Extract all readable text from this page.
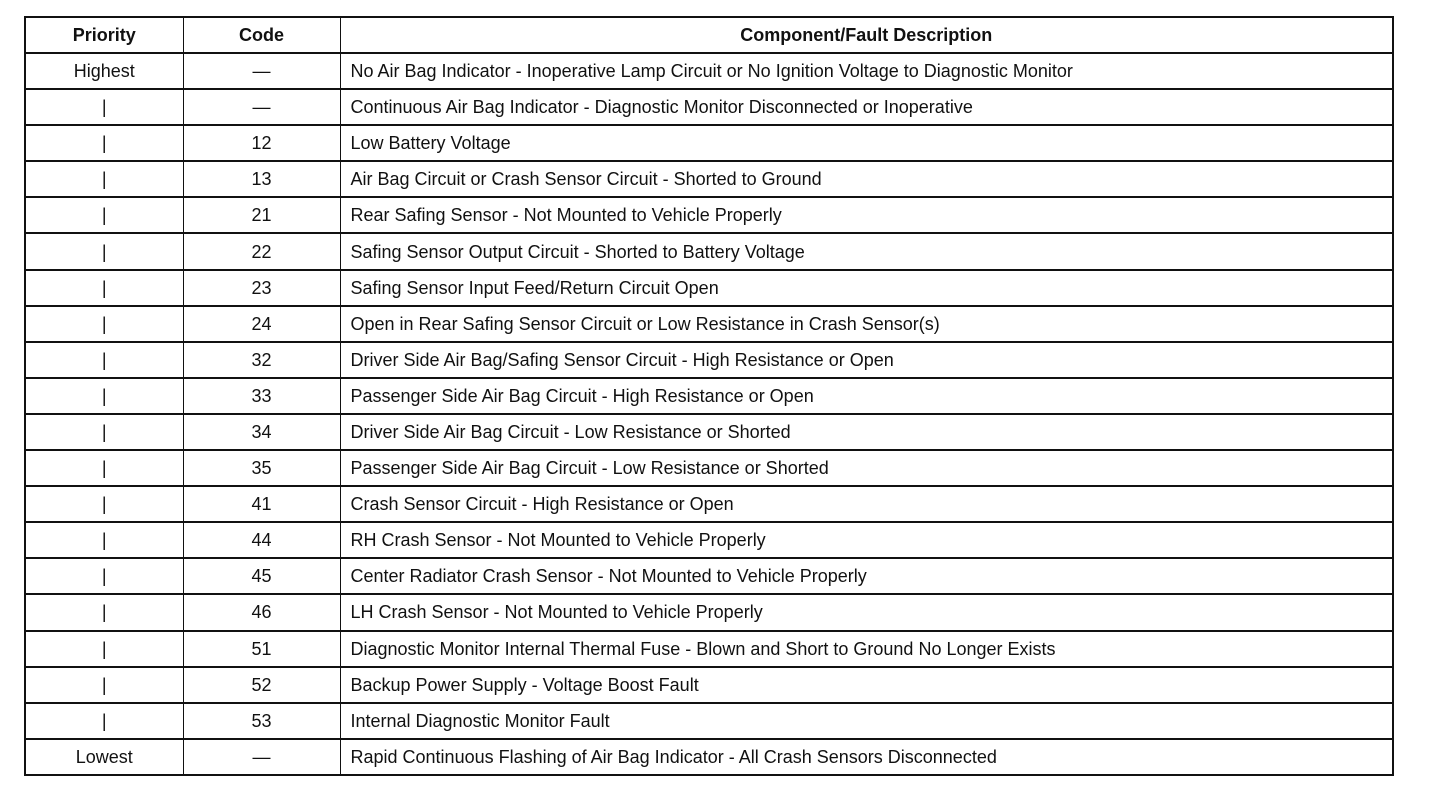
Priority	Code	Component/Fault Description
Highest	—	No Air Bag Indicator - Inoperative Lamp Circuit or No Ignition Voltage to Diagnostic Monitor
|	—	Continuous Air Bag Indicator - Diagnostic Monitor Disconnected or Inoperative
|	12	Low Battery Voltage
|	13	Air Bag Circuit or Crash Sensor Circuit - Shorted to Ground
|	21	Rear Safing Sensor - Not Mounted to Vehicle Properly
|	22	Safing Sensor Output Circuit - Shorted to Battery Voltage
|	23	Safing Sensor Input Feed/Return Circuit Open
|	24	Open in Rear Safing Sensor Circuit or Low Resistance in Crash Sensor(s)
|	32	Driver Side Air Bag/Safing Sensor Circuit - High Resistance or Open
|	33	Passenger Side Air Bag Circuit - High Resistance or Open
|	34	Driver Side Air Bag Circuit - Low Resistance or Shorted
|	35	Passenger Side Air Bag Circuit - Low Resistance or Shorted
|	41	Crash Sensor Circuit - High Resistance or Open
|	44	RH Crash Sensor - Not Mounted to Vehicle Properly
|	45	Center Radiator Crash Sensor - Not Mounted to Vehicle Properly
|	46	LH Crash Sensor - Not Mounted to Vehicle Properly
|	51	Diagnostic Monitor Internal Thermal Fuse - Blown and Short to Ground No Longer Exists
|	52	Backup Power Supply - Voltage Boost Fault
|	53	Internal Diagnostic Monitor Fault
Lowest	—	Rapid Continuous Flashing of Air Bag Indicator - All Crash Sensors Disconnected
